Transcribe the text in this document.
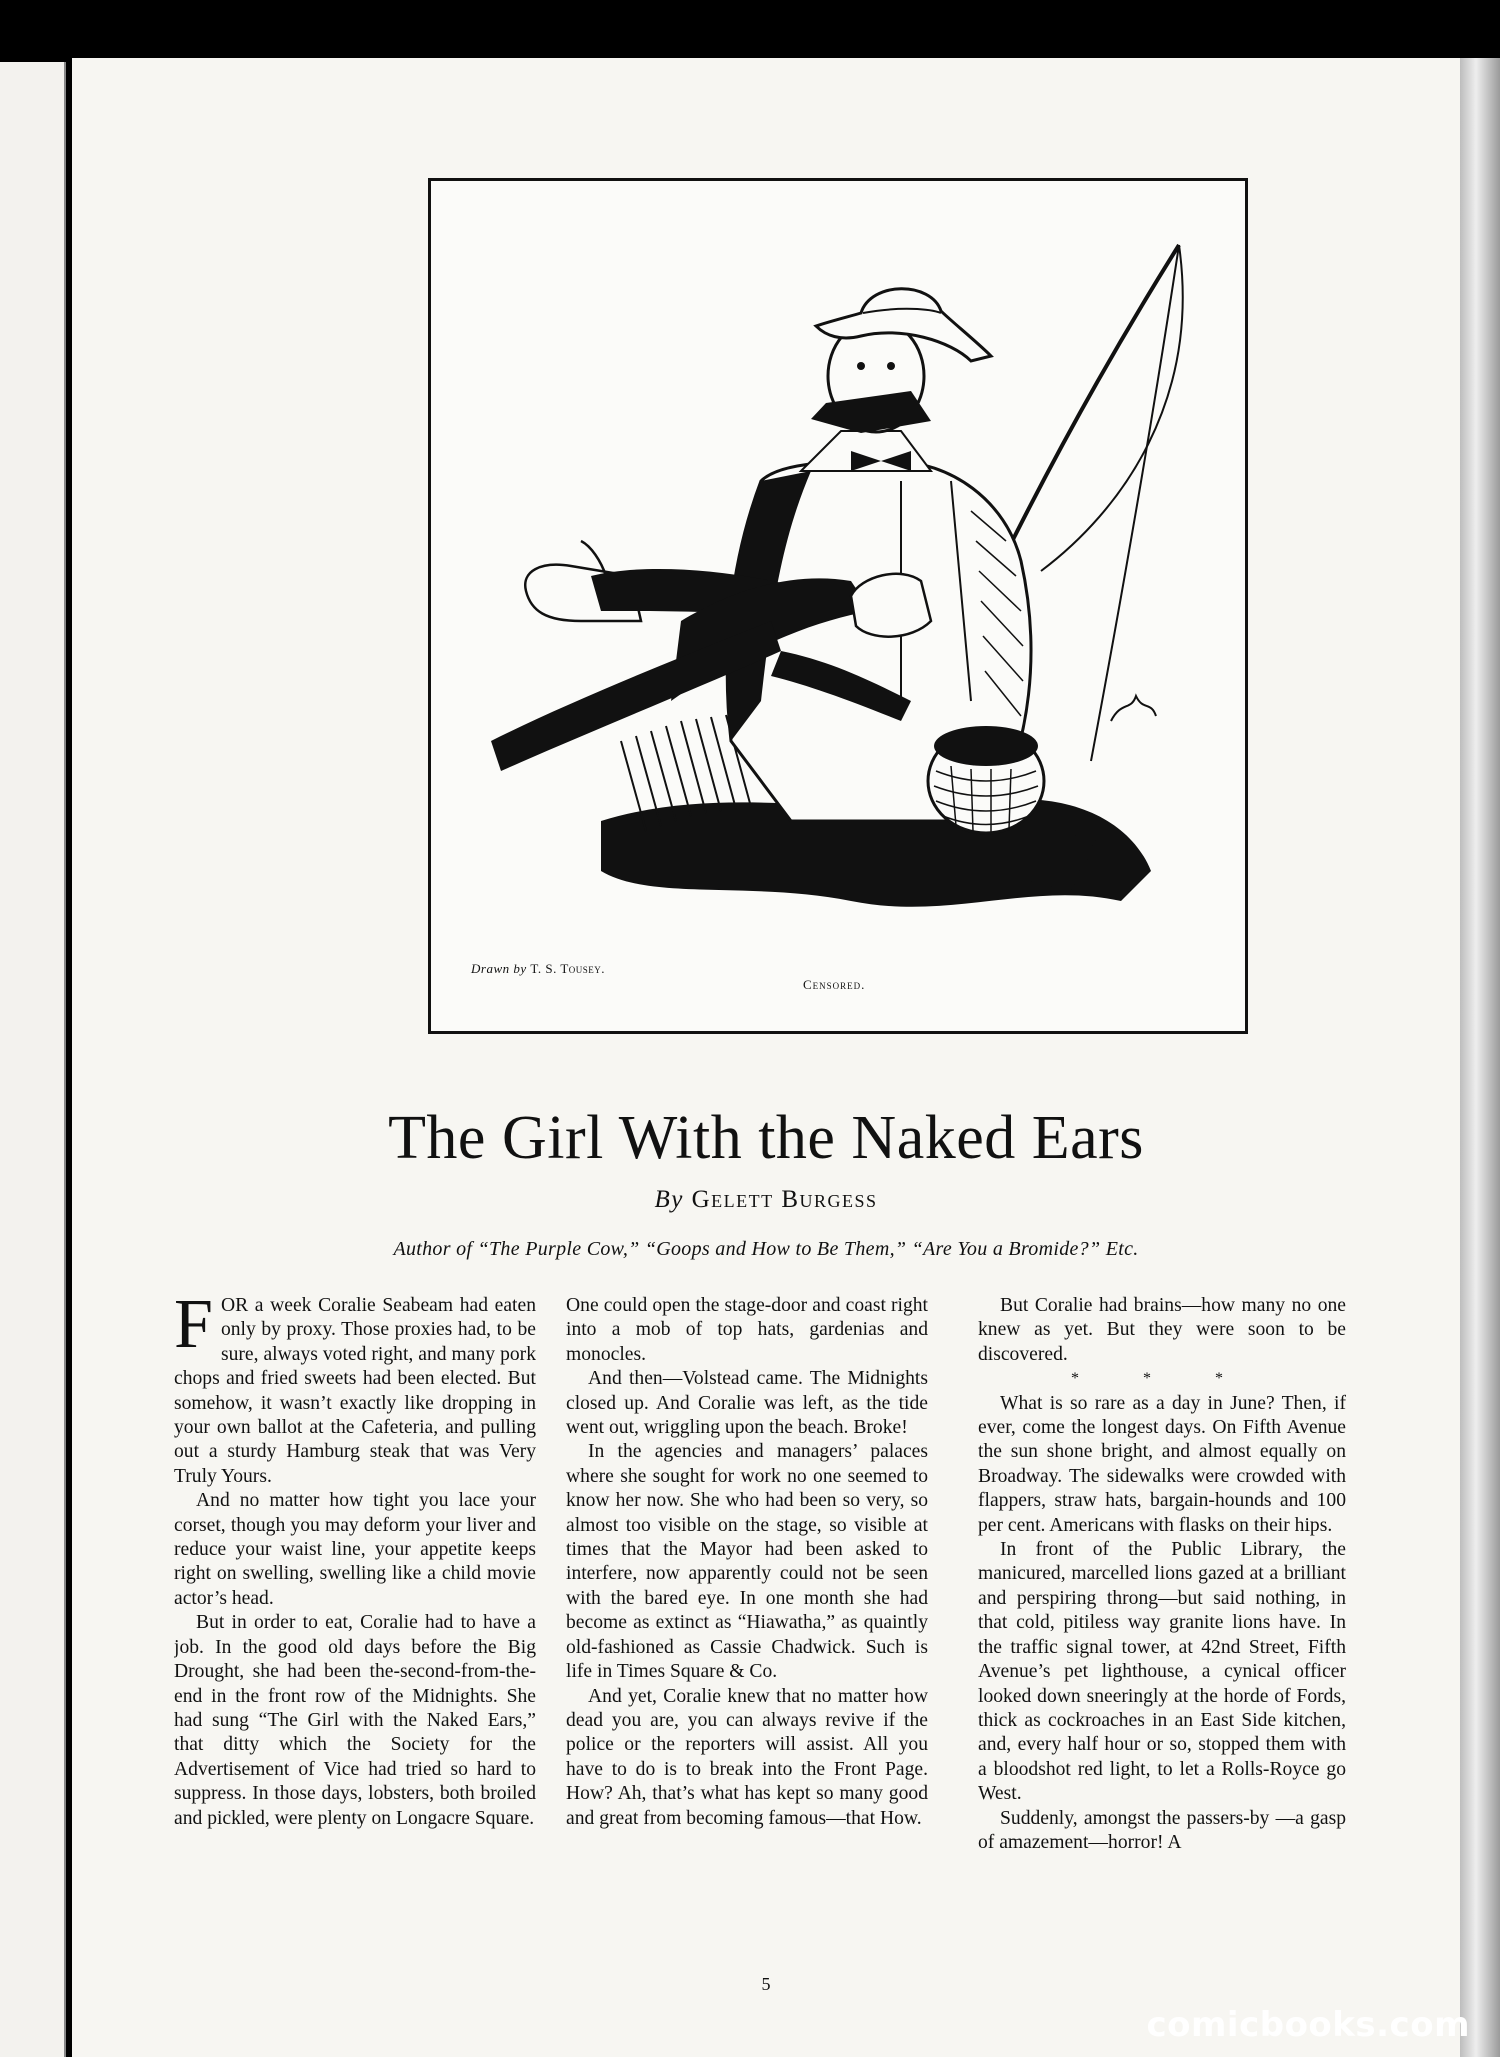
Drawn by T. S. Tousey.
Censored.
The Girl With the Naked Ears
By Gelett Burgess
Author of “The Purple Cow,” “Goops and How to Be Them,” “Are You a Bromide?” Etc.

FOR a week Coralie Seabeam had eaten only by proxy. Those proxies had, to be sure, always voted right, and many pork chops and fried sweets had been elected. But somehow, it wasn’t exactly like dropping in your own ballot at the Cafeteria, and pulling out a sturdy Hamburg steak that was Very Truly Yours.

And no matter how tight you lace your corset, though you may deform your liver and reduce your waist line, your appetite keeps right on swelling, swelling like a child movie actor’s head.

But in order to eat, Coralie had to have a job. In the good old days before the Big Drought, she had been the-second-from-the-end in the front row of the Midnights. She had sung “The Girl with the Naked Ears,” that ditty which the Society for the Advertisement of Vice had tried so hard to suppress. In those days, lobsters, both broiled and pickled, were plenty on Longacre Square.

One could open the stage-door and coast right into a mob of top hats, gardenias and monocles.

And then—Volstead came. The Midnights closed up. And Coralie was left, as the tide went out, wriggling upon the beach. Broke!

In the agencies and managers’ palaces where she sought for work no one seemed to know her now. She who had been so very, so almost too visible on the stage, so visible at times that the Mayor had been asked to interfere, now apparently could not be seen with the bared eye. In one month she had become as extinct as “Hiawatha,” as quaintly old-fashioned as Cassie Chadwick. Such is life in Times Square & Co.

And yet, Coralie knew that no matter how dead you are, you can always revive if the police or the reporters will assist. All you have to do is to break into the Front Page. How? Ah, that’s what has kept so many good and great from becoming famous—that How.

But Coralie had brains—how many no one knew as yet. But they were soon to be discovered.

* * *

What is so rare as a day in June? Then, if ever, come the longest days. On Fifth Avenue the sun shone bright, and almost equally on Broadway. The sidewalks were crowded with flappers, straw hats, bargain-hounds and 100 per cent. Americans with flasks on their hips.

In front of the Public Library, the manicured, marcelled lions gazed at a brilliant and perspiring throng—but said nothing, in that cold, pitiless way granite lions have. In the traffic signal tower, at 42nd Street, Fifth Avenue’s pet lighthouse, a cynical officer looked down sneeringly at the horde of Fords, thick as cockroaches in an East Side kitchen, and, every half hour or so, stopped them with a bloodshot red light, to let a Rolls-Royce go West.

Suddenly, amongst the passers-by —a gasp of amazement—horror! A

5
comicbooks.com
